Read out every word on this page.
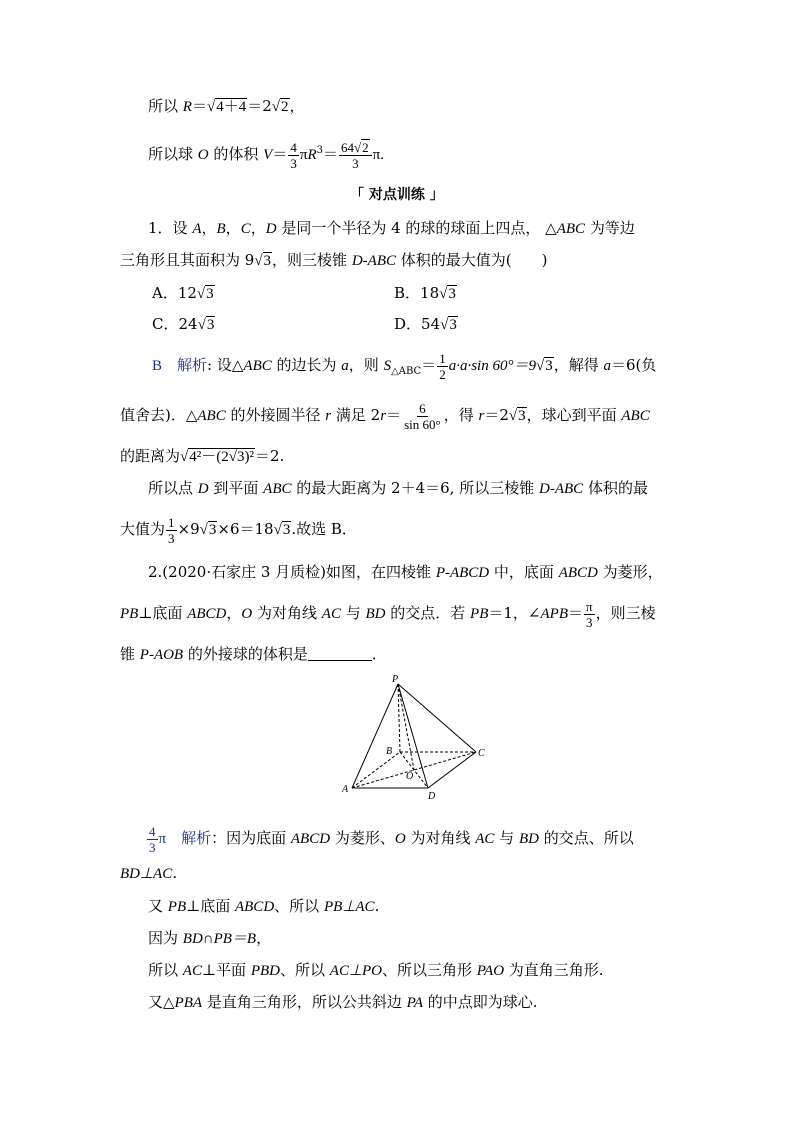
所以 R＝√4＋4＝2√2，
所以球 O 的体积 $V= \frac{4}{3} \pi R^3= \frac{64√2}{3} \pi$.
「 对点训练 」
1．设 A，B，C，D 是同一个半径为 4 的球的球面上四点， △ABC 为等边
三角形且其面积为 9√3，则三棱锥 D-ABC 体积的最大值为(　　)
A．12√3	B．18√3
C．24√3	D．54√3
B　 解析: 设△ABC 的边长为 a，则 $S_{\triangle ABC}= \frac{1}{2} a\cdot a\cdot\sin$ 60°＝9√3，解得 a＝6(负
值舍去)．△ABC 的外接圆半径 r 满足 $2r= \frac{6}{\sin 60^\circ}$ ，得 r＝2√3，球心到平面 ABC
的距离为√4²－(2√3)²＝2.
所以点 D 到平面 ABC 的最大距离为 2＋4＝6, 所以三棱锥 D-ABC 体积的最
大值为 $\frac{1}{3} \times 9√3\times 6=18√3$.故选 B．
2.(2020·石家庄 3 月质检)如图，在四棱锥 P-ABCD 中，底面 ABCD 为菱形，
PB⊥底面 ABCD，O 为对角线 AC 与 BD 的交点．若 PB＝1，∠APB＝ $\frac{\pi}{3}$ ，则三棱
锥 P-AOB 的外接球的体积是	．
P
B	C
O
A
D
$\frac{4}{3}$ π　 解析：因为底面 ABCD 为菱形、O 为对角线 AC 与 BD 的交点、所以
BD⊥AC．
又 PB⊥底面 ABCD、所以 PB⊥AC．
因为 BD∩PB＝B，
所以 AC⊥平面 PBD、所以 AC⊥PO、所以三角形 PAO 为直角三角形.
又△PBA 是直角三角形，所以公共斜边 PA 的中点即为球心.
